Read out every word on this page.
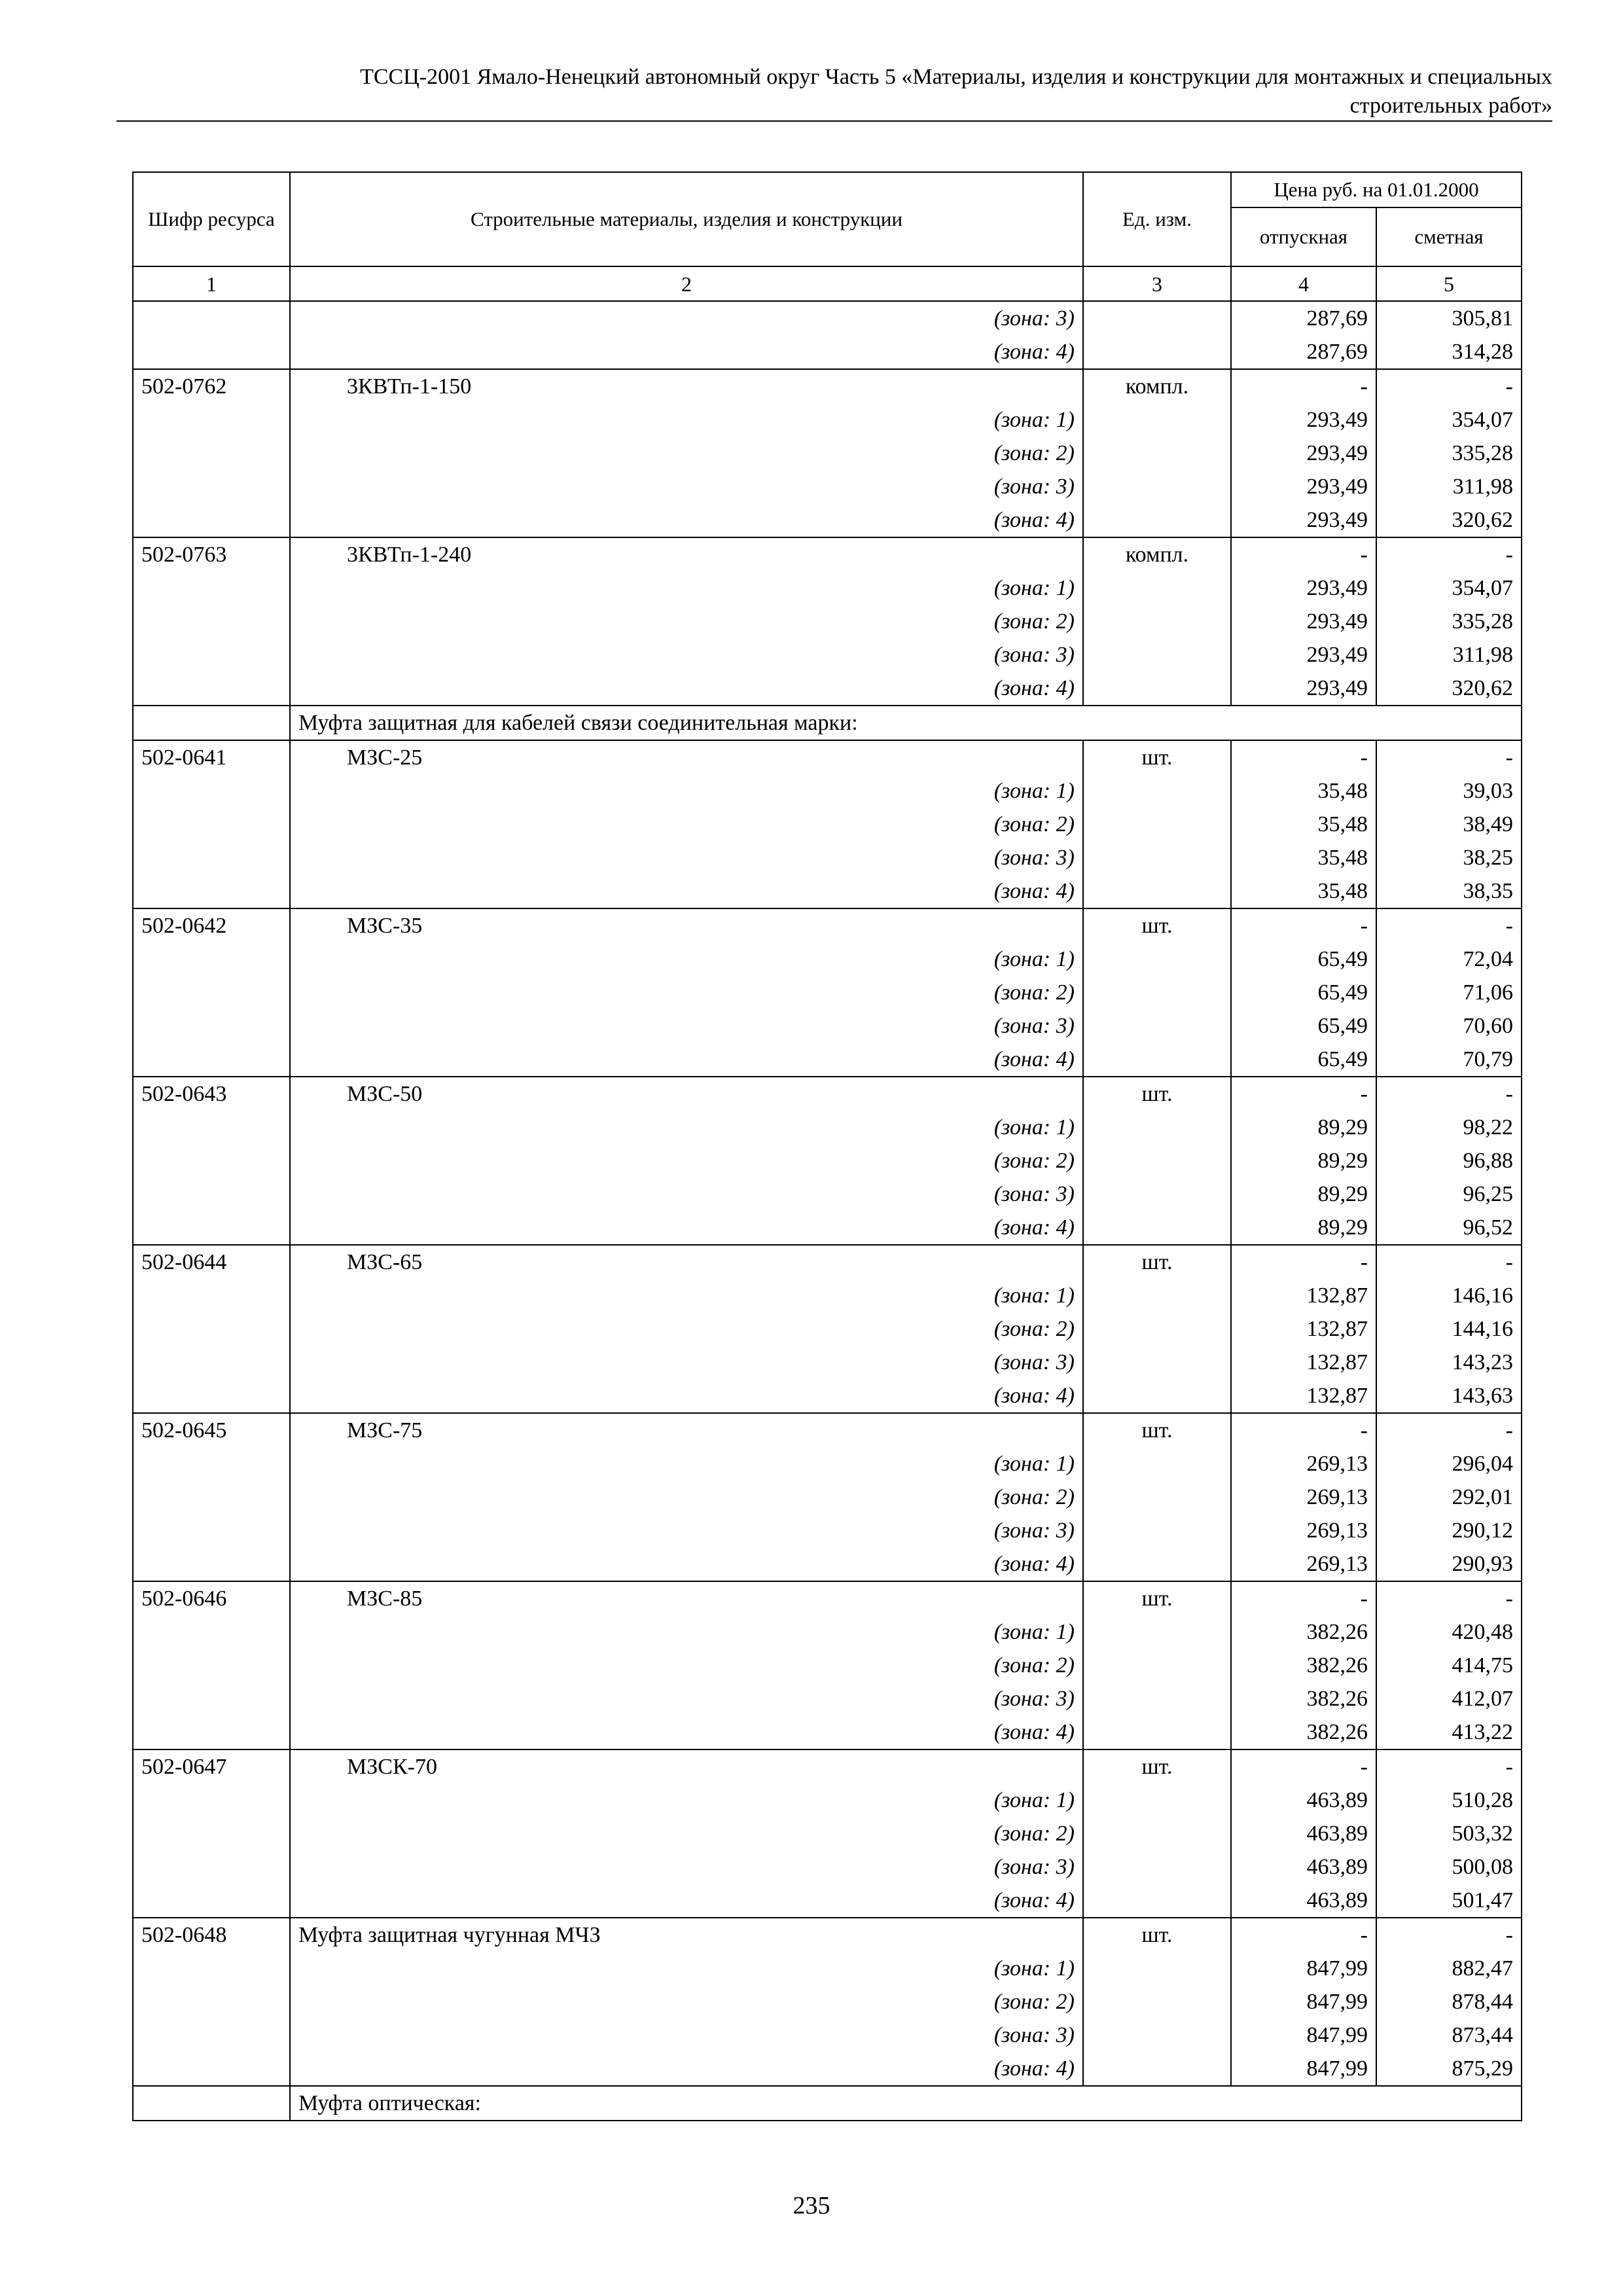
ТССЦ-2001 Ямало-Ненецкий автономный округ Часть 5 «Материалы, изделия и конструкции для монтажных и специальных
строительных работ»
Шифр ресурса	Строительные материалы, изделия и конструкции	Ед. изм.	Цена руб. на 01.01.2000	
			отпускная	сметная
1	2	3	4	5
	(зона: 3)		287,69	305,81
	(зона: 4)		287,69	314,28
502-0762	3КВТп-1-150	компл.	-	-
	(зона: 1)		293,49	354,07
	(зона: 2)		293,49	335,28
	(зона: 3)		293,49	311,98
	(зона: 4)		293,49	320,62
502-0763	3КВТп-1-240	компл.	-	-
	(зона: 1)		293,49	354,07
	(зона: 2)		293,49	335,28
	(зона: 3)		293,49	311,98
	(зона: 4)		293,49	320,62
	Муфта защитная для кабелей связи соединительная марки:			
502-0641	МЗС-25	шт.	-	-
	(зона: 1)		35,48	39,03
	(зона: 2)		35,48	38,49
	(зона: 3)		35,48	38,25
	(зона: 4)		35,48	38,35
502-0642	МЗС-35	шт.	-	-
	(зона: 1)		65,49	72,04
	(зона: 2)		65,49	71,06
	(зона: 3)		65,49	70,60
	(зона: 4)		65,49	70,79
502-0643	МЗС-50	шт.	-	-
	(зона: 1)		89,29	98,22
	(зона: 2)		89,29	96,88
	(зона: 3)		89,29	96,25
	(зона: 4)		89,29	96,52
502-0644	МЗС-65	шт.	-	-
	(зона: 1)		132,87	146,16
	(зона: 2)		132,87	144,16
	(зона: 3)		132,87	143,23
	(зона: 4)		132,87	143,63
502-0645	МЗС-75	шт.	-	-
	(зона: 1)		269,13	296,04
	(зона: 2)		269,13	292,01
	(зона: 3)		269,13	290,12
	(зона: 4)		269,13	290,93
502-0646	МЗС-85	шт.	-	-
	(зона: 1)		382,26	420,48
	(зона: 2)		382,26	414,75
	(зона: 3)		382,26	412,07
	(зона: 4)		382,26	413,22
502-0647	МЗСК-70	шт.	-	-
	(зона: 1)		463,89	510,28
	(зона: 2)		463,89	503,32
	(зона: 3)		463,89	500,08
	(зона: 4)		463,89	501,47
502-0648	Муфта защитная чугунная МЧЗ	шт.	-	-
	(зона: 1)		847,99	882,47
	(зона: 2)		847,99	878,44
	(зона: 3)		847,99	873,44
	(зона: 4)		847,99	875,29
	Муфта оптическая:			
235
